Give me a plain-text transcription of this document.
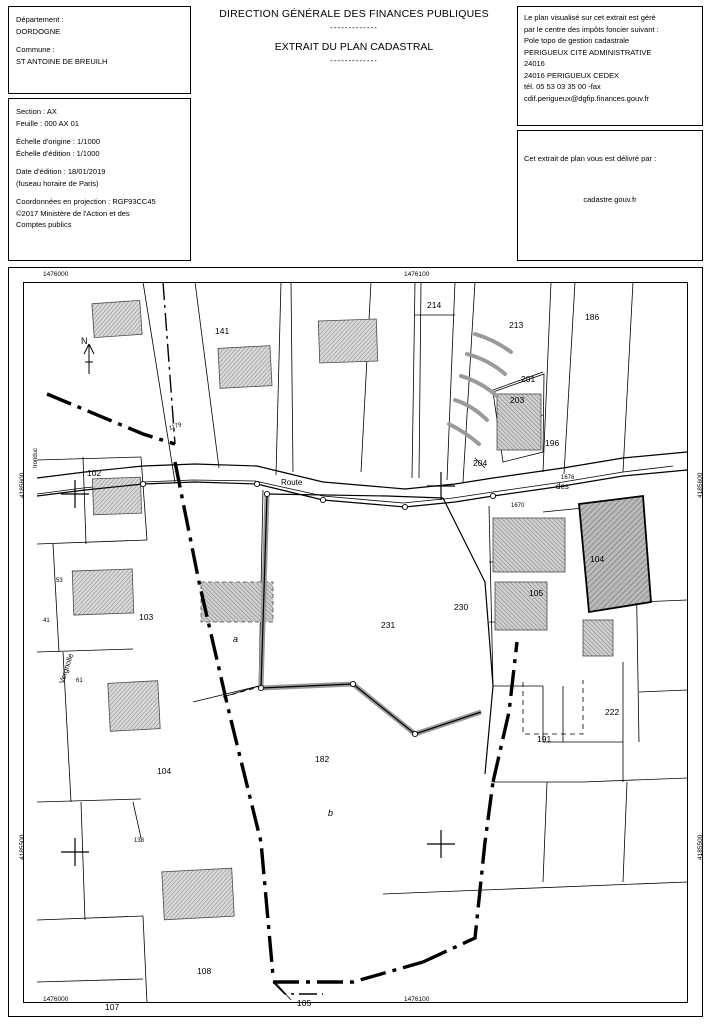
Département :
DORDOGNE
Commune :
ST ANTOINE DE BREUILH
Section : AX
Feuille : 000 AX 01
Échelle d'origine : 1/1000
Échelle d'édition : 1/1000
Date d'édition : 18/01/2019
(fuseau horaire de Paris)
Coordonnées en projection : RGF93CC45
©2017 Ministère de l'Action et des
Comptes publics
DIRECTION GÉNÉRALE DES FINANCES PUBLIQUES
-------------
EXTRAIT DU PLAN CADASTRAL
-------------
Le plan visualisé sur cet extrait est géré
par le centre des impôts foncier suivant :
Pole topo de gestion cadastrale
PERIGUEUX CITE ADMINISTRATIVE
24016
24016 PERIGUEUX CEDEX
tél. 05 53 03 35 00 -fax
cdif.perigueux@dgfip.finances.gouv.fr
Cet extrait de plan vous est délivré par :
cadastre.gouv.fr
1476000	1476100
1476000	1476100
4185600
4185500
4185600
4185500
N
Route	des
Vergnolle
Ironduc
141
214
213
186
201
203
196
204
102
103
104
231
182
230
105
104
222
191
108
107	105
a
b
1179
1670
1676
53
41
61
138
